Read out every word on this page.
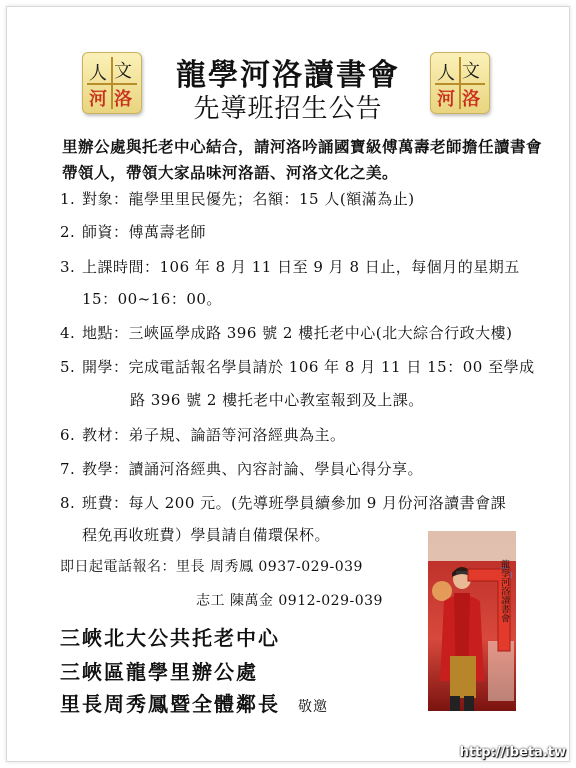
人 文
河 洛
人 文
河 洛
龍學河洛讀書會
先導班招生公告
里辦公處與托老中心結合，請河洛吟誦國寶級傅萬壽老師擔任讀書會帶領人，帶領大家品味河洛語、河洛文化之美。
1. 對象：龍學里里民優先；名額：15 人(額滿為止)
2. 師資：傅萬壽老師
3. 上課時間：106 年 8 月 11 日至 9 月 8 日止，每個月的星期五
15：00~16：00。
4. 地點：三峽區學成路 396 號 2 樓托老中心(北大綜合行政大樓)
5. 開學：完成電話報名學員請於 106 年 8 月 11 日 15：00 至學成
路 396 號 2 樓托老中心教室報到及上課。
6. 教材：弟子規、論語等河洛經典為主。
7. 教學：讀誦河洛經典、內容討論、學員心得分享。
8. 班費：每人 200 元。(先導班學員續參加 9 月份河洛讀書會課
程免再收班費）學員請自備環保杯。
即日起電話報名：里長 周秀鳳 0937-029-039
志工 陳萬金 0912-029-039
三峽北大公共托老中心
三峽區龍學里辦公處
里長周秀鳳暨全體鄰長 敬邀
龍學河洛讀書會
http://ibeta.tw
